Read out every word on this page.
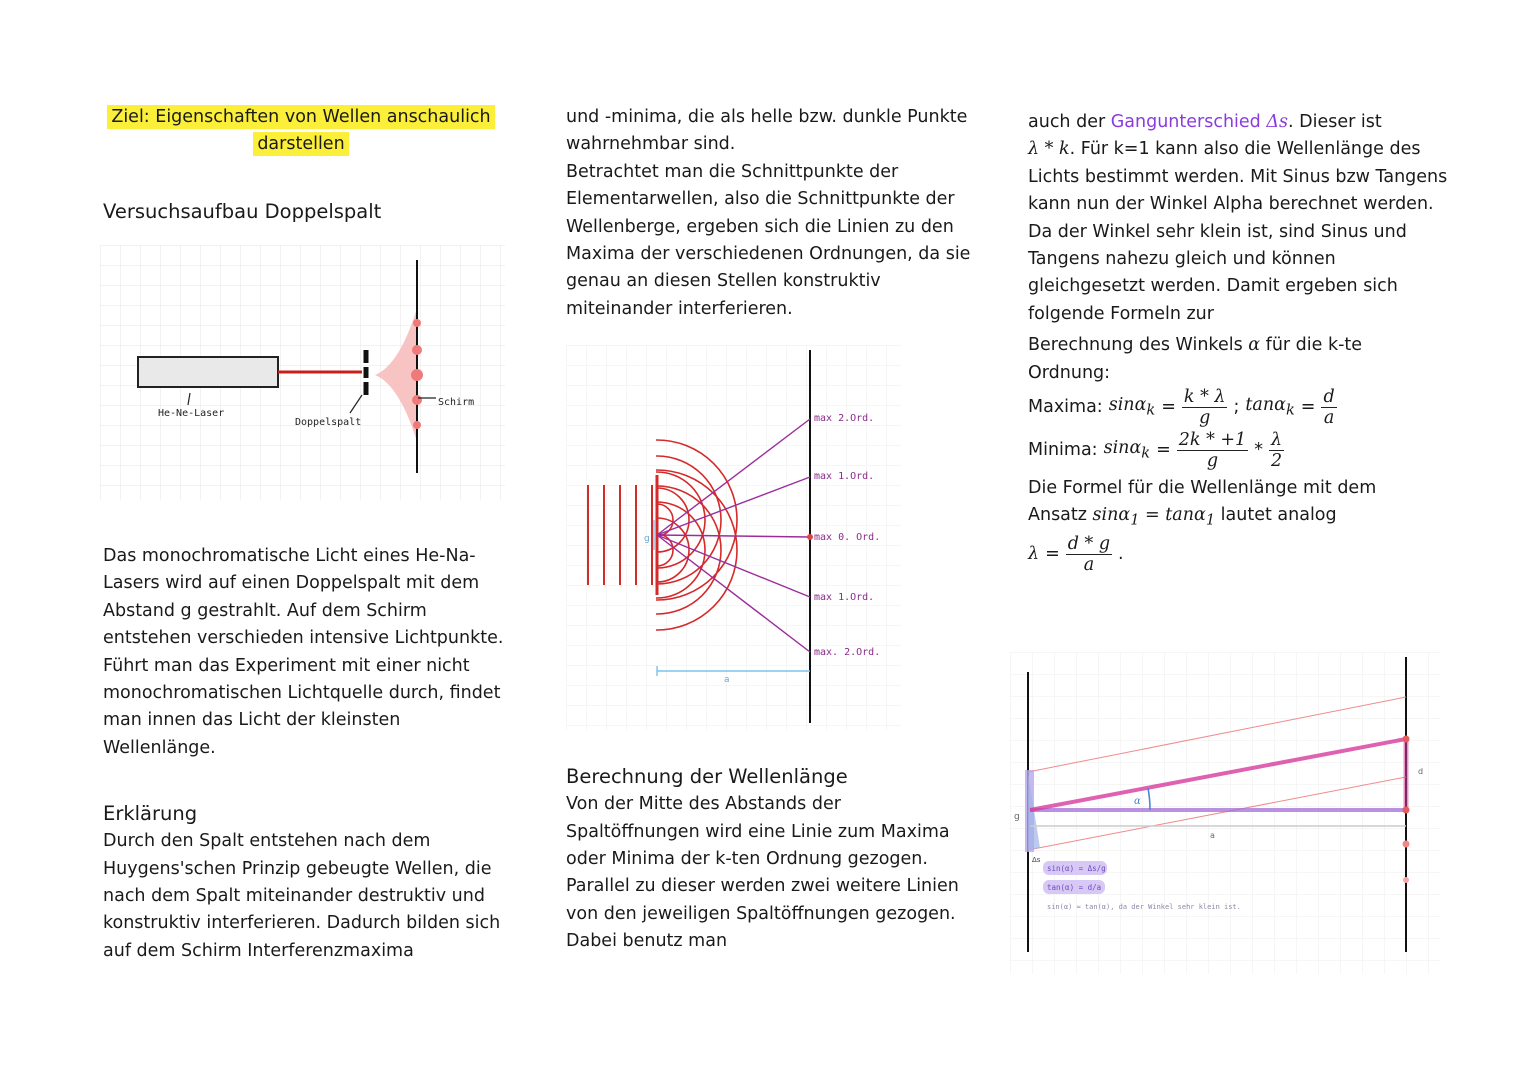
Ziel: Eigenschaften von Wellen anschaulich darstellen

Versuchsaufbau Doppelspalt

Das monochromatische Licht eines He-Na-Lasers wird auf einen Doppelspalt mit dem Abstand g gestrahlt. Auf dem Schirm entstehen verschieden intensive Lichtpunkte.

Führt man das Experiment mit einer nicht monochromatischen Lichtquelle durch, findet man innen das Licht der kleinsten Wellenlänge.

Erklärung

Durch den Spalt entstehen nach dem Huygens'schen Prinzip gebeugte Wellen, die nach dem Spalt miteinander destruktiv und konstruktiv interferieren. Dadurch bilden sich auf dem Schirm Interferenzmaxima

He-Ne-Laser
Doppelspalt
Schirm

und -minima, die als helle bzw. dunkle Punkte wahrnehmbar sind.

Betrachtet man die Schnittpunkte der Elementarwellen, also die Schnittpunkte der Wellenberge, ergeben sich die Linien zu den Maxima der verschiedenen Ordnungen, da sie genau an diesen Stellen konstruktiv miteinander interferieren.

Berechnung der Wellenlänge

Von der Mitte des Abstands der Spaltöffnungen wird eine Linie zum Maxima oder Minima der k-ten Ordnung gezogen. Parallel zu dieser werden zwei weitere Linien von den jeweiligen Spaltöffnungen gezogen. Dabei benutz man

g
max 2.Ord.
max 1.Ord.
max 0. Ord.
max 1.Ord.
max. 2.Ord.
a

auch der Gangunterschied Δs. Dieser ist

λ * k. Für k=1 kann also die Wellenlänge des Lichts bestimmt werden. Mit Sinus bzw Tangens kann nun der Winkel Alpha berechnet werden. Da der Winkel sehr klein ist, sind Sinus und Tangens nahezu gleich und können gleichgesetzt werden. Damit ergeben sich folgende Formeln zur

Berechnung des Winkels α für die k-te

Ordnung:

Maxima: $\sin\alpha_k = \frac{k * \lambda}{g}$ ; $\tan\alpha_k = \frac{d}{a}$
Minima: $\sin\alpha_k = \frac{2k * +1}{g} * \lambda$
2

Die Formel für die Wellenlänge mit dem

Ansatz sinα$_1$ = tanα$_1$ lautet analog

$\lambda = \frac{d * g}{a}$ .
g
Δs
a
d
α
sin(α) = Δs/g
tan(α) = d/a
sin(α) ≈ tan(α), da der Winkel sehr klein ist.
